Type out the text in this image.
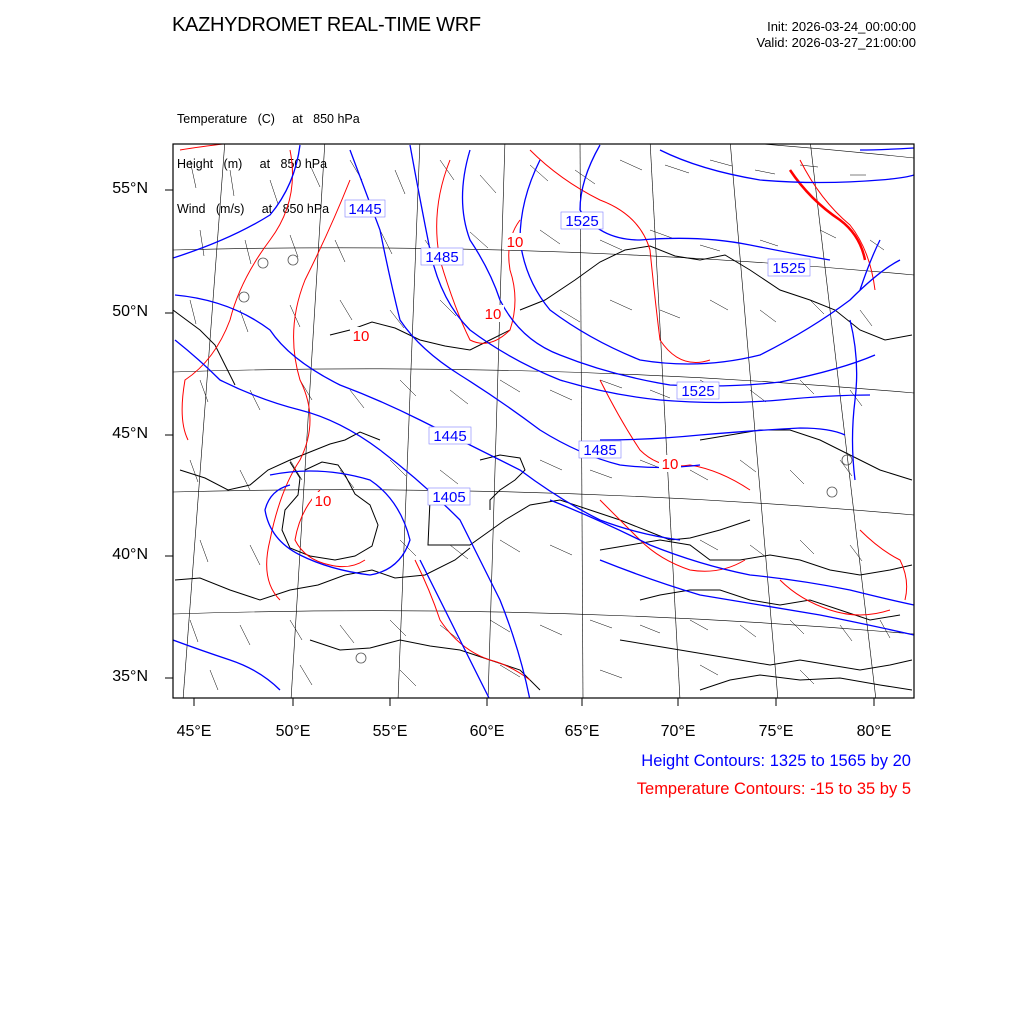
KAZHYDROMET REAL-TIME WRF	Init: 2026-03-24_00:00:00
Valid: 2026-03-27_21:00:00

Temperature   (C)     at   850 hPa

Height   (m)     at   850 hPa

Wind   (m/s)     at   850 hPa	1445
1485
1525
1525
1525
1445
1485
1405
10
10
10
10
10
55°N
50°N
45°N
40°N
35°N
45°E	50°E	55°E	60°E	65°E	70°E	75°E	80°E
Height Contours: 1325 to 1565 by 20
Temperature Contours: -15 to 35 by 5
